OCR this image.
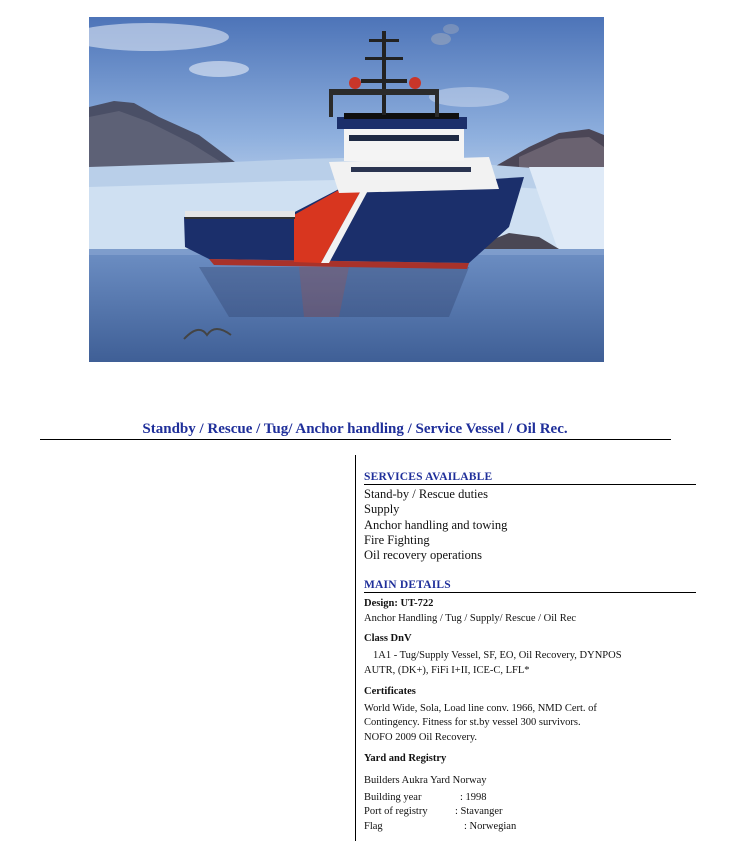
Standby / Rescue / Tug/ Anchor handling / Service Vessel / Oil Rec.
SERVICES AVAILABLE
Stand-by / Rescue duties
Supply
Anchor handling and towing
Fire Fighting
Oil recovery operations
MAIN DETAILS
Design: UT-722
Anchor Handling / Tug / Supply/ Rescue / Oil Rec
Class DnV
1A1 - Tug/Supply Vessel, SF, EO, Oil Recovery, DYNPOS
AUTR, (DK+), FiFi I+II, ICE-C, LFL*
Certificates
World Wide, Sola, Load line conv. 1966, NMD Cert. of
Contingency. Fitness for st.by vessel 300 survivors.
NOFO 2009 Oil Recovery.
Yard and Registry
Builders Aukra Yard Norway
Building year	: 1998
Port of registry	: Stavanger
Flag	: Norwegian
